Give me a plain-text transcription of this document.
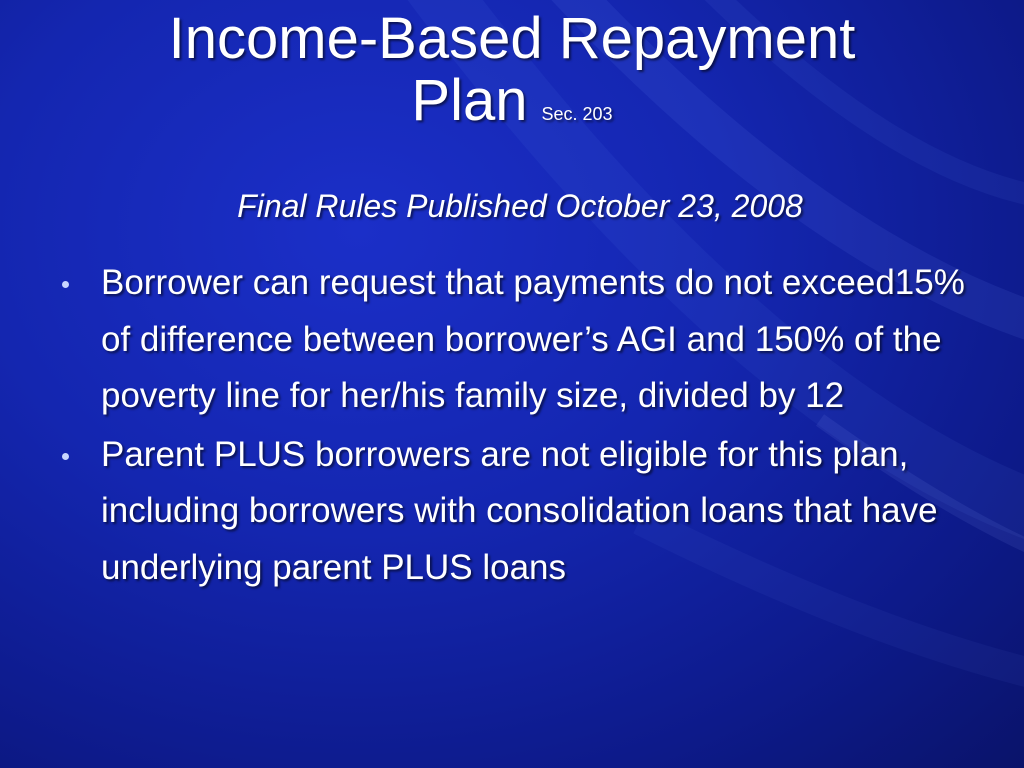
Income-Based Repayment
Plan Sec. 203
Final Rules Published October 23, 2008
Borrower can request that payments do not exceed15% of difference between borrower’s AGI and 150% of the poverty line for her/his family size, divided by 12
Parent PLUS borrowers are not eligible for this plan, including borrowers with consolidation loans that have underlying parent PLUS loans
